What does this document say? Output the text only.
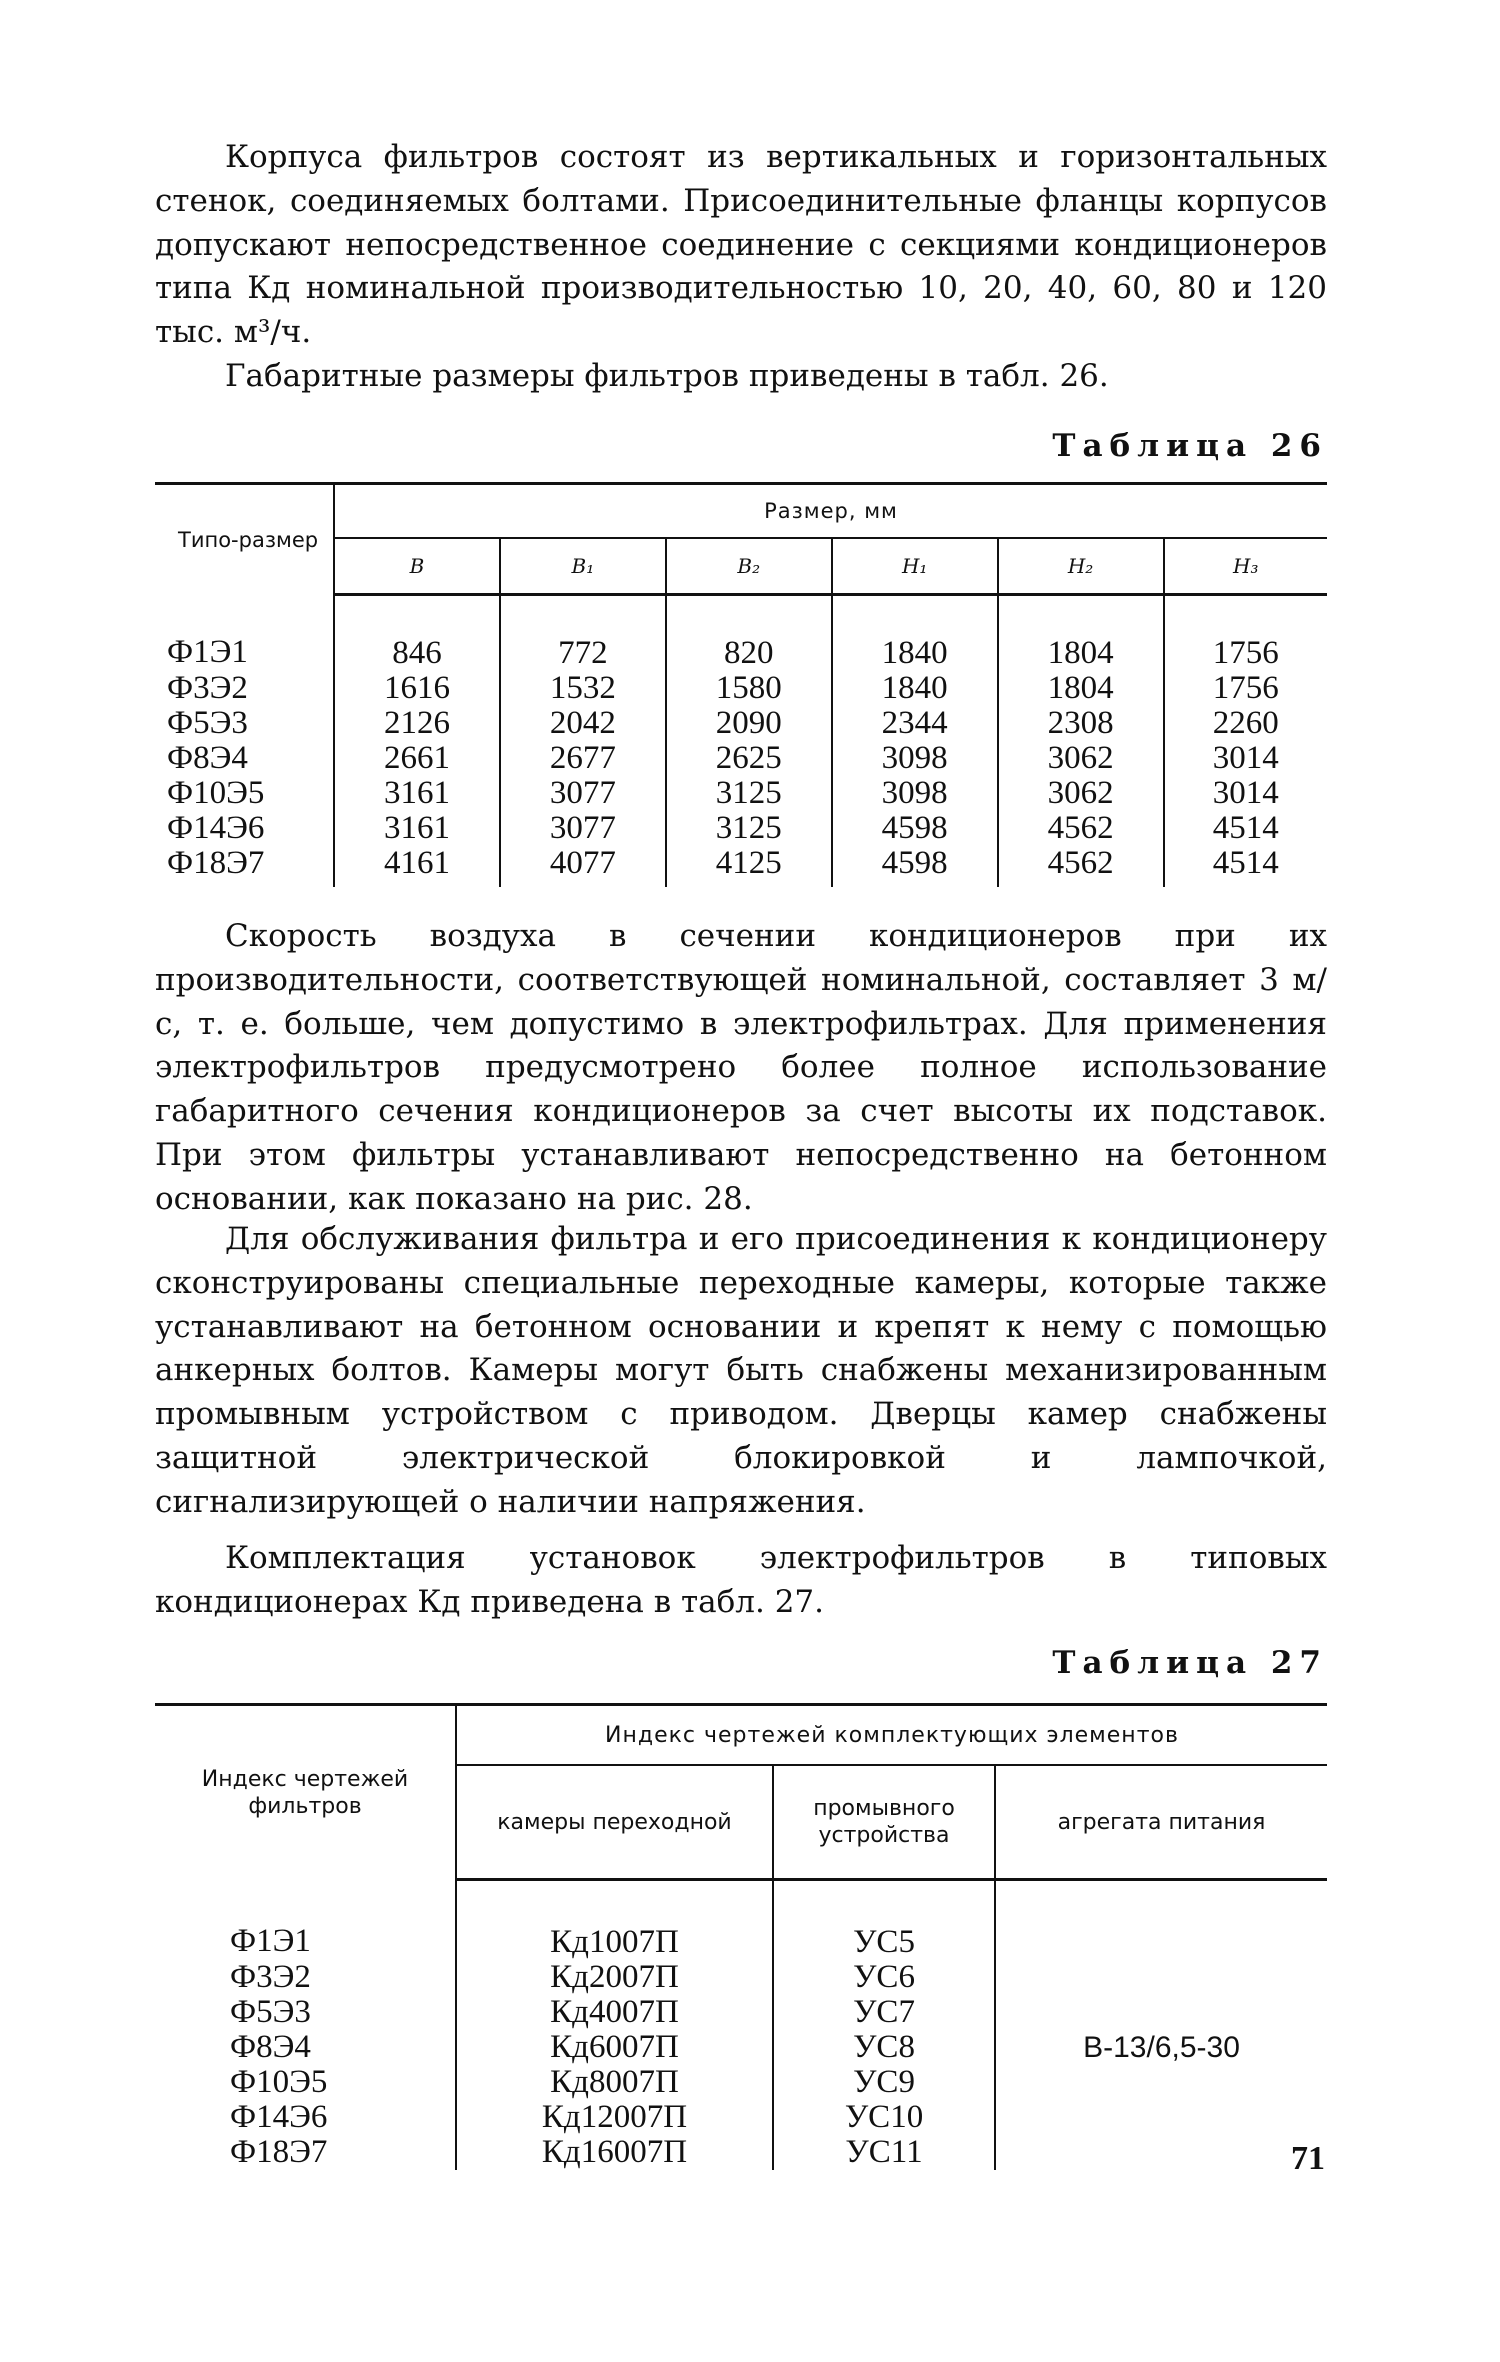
Корпуса фильтров состоят из вертикальных и горизонтальных стенок, соединяемых болтами. Присоединительные фланцы корпусов допускают непосредственное соединение с секциями кондиционеров типа Кд номинальной производительностью 10, 20, 40, 60, 80 и 120 тыс. м³/ч.

Габаритные размеры фильтров приведены в табл. 26.

Таблица 26
Типо-размер	Размер, мм					
	B	B₁	B₂	H₁	H₂	H₃
Ф1Э1	846	772	820	1840	1804	1756
Ф3Э2	1616	1532	1580	1840	1804	1756
Ф5Э3	2126	2042	2090	2344	2308	2260
Ф8Э4	2661	2677	2625	3098	3062	3014
Ф10Э5	3161	3077	3125	3098	3062	3014
Ф14Э6	3161	3077	3125	4598	4562	4514
Ф18Э7	4161	4077	4125	4598	4562	4514

Скорость воздуха в сечении кондиционеров при их производительности, соответствующей номинальной, составляет 3 м/с, т. е. больше, чем допустимо в электрофильтрах. Для применения электрофильтров предусмотрено более полное использование габаритного сечения кондиционеров за счет высоты их подставок. При этом фильтры устанавливают непосредственно на бетонном основании, как показано на рис. 28.

Для обслуживания фильтра и его присоединения к кондиционеру сконструированы специальные переходные камеры, которые также устанавливают на бетонном основании и крепят к нему с помощью анкерных болтов. Камеры могут быть снабжены механизированным промывным устройством с приводом. Дверцы камер снабжены защитной электрической блокировкой и лампочкой, сигнализирующей о наличии напряжения.

Комплектация установок электрофильтров в типовых кондиционерах Кд приведена в табл. 27.

Таблица 27
Индекс чертежей фильтров	Индекс чертежей комплектующих элементов		
	камеры переходной	промывного устройства	агрегата питания
Ф1Э1	Кд1007П	УС5	В-13/6,5-30
Ф3Э2	Кд2007П	УС6	
Ф5Э3	Кд4007П	УС7	
Ф8Э4	Кд6007П	УС8	
Ф10Э5	Кд8007П	УС9	
Ф14Э6	Кд12007П	УС10	
Ф18Э7	Кд16007П	УС11		71
